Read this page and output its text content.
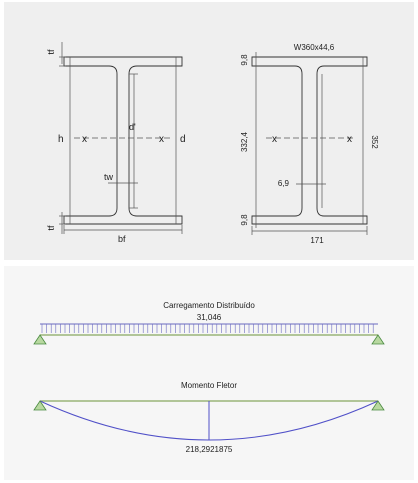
tf
tf
h	d
x	x
d'
tw
bf
W360x44,6
9,8
9,8
332,4	352
x	x
6,9
171
Carregamento Distribuído
31,046
Momento Fletor
218,2921875
